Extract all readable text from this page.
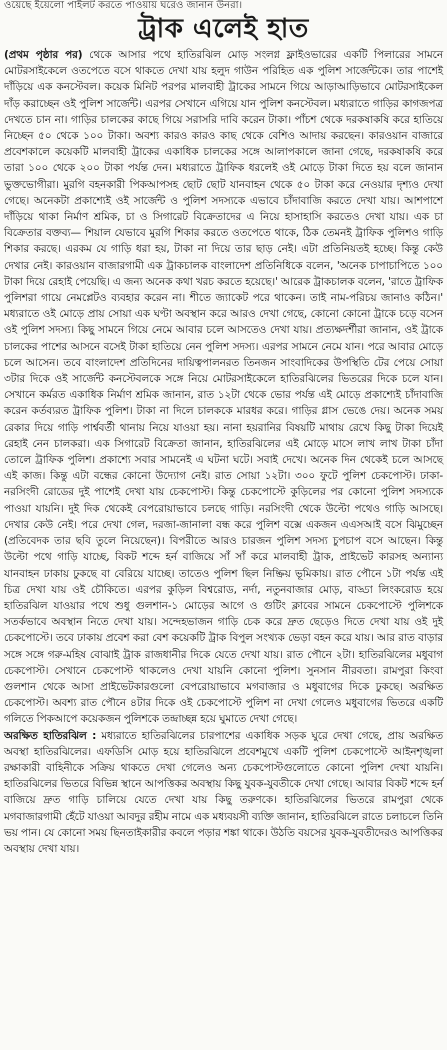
ওয়েছে ইয়েলো পাইলট করতে পাওয়ায় ঘরেও জানান উনরা।
ট্রাক এলেই হাত

(প্রথম পৃষ্ঠার পর) থেকে আসার পথে হাতিরঝিল মোড় সংলগ্ন ফ্লাইওভারের একটি পিলারের সামনে মোটরসাইকেলে ওতপেতে বসে থাকতে দেখা যায় হলুদ গাউন পরিহিত এক পুলিশ সার্জেন্টকে। তার পাশেই দাঁড়িয়ে এক কনস্টেবল। কয়েক মিনিট পরপর মালবাহী ট্রাকের সামনে গিয়ে আড়াআড়িভাবে মোটরসাইকেল দাঁড় করাচ্ছেন ওই পুলিশ সার্জেন্ট। এরপর সেখানে এগিয়ে যান পুলিশ কনস্টেবল। মধ্যরাতে গাড়ির কাগজপত্র দেখতে চান না। গাড়ির চালকের কাছে গিয়ে সরাসরি দাবি করেন টাকা। পাঁচশ থেকে দরকষাকষি করে হাতিয়ে নিচ্ছেন ৫০ থেকে ১০০ টাকা। অবশ্য কারও কারও কাছ থেকে বেশিও আদায় করছেন। কারওয়ান বাজারে প্রবেশকালে কয়েকটি মালবাহী ট্রাকের একাধিক চালকের সঙ্গে আলাপকালে জানা গেছে, দরকষাকষি করে তারা ১০০ থেকে ২০০ টাকা পর্যন্ত দেন। মধ্যরাতে ট্রাফিক ধরলেই ওই মোড়ে টাকা দিতে হয় বলে জানান ভুক্তভোগীরা। মুরগি বহনকারী পিকআপসহ ছোট ছোট যানবাহন থেকে ৫০ টাকা করে নেওয়ার দৃশ্যও দেখা গেছে। অনেকটা প্রকাশ্যেই ওই সার্জেন্ট ও পুলিশ সদস্যকে এভাবে চাঁদাবাজি করতে দেখা যায়। আশপাশে দাঁড়িয়ে থাকা নির্মাণ শ্রমিক, চা ও সিগারেট বিক্রেতাদের এ নিয়ে হাসাহাসি করতেও দেখা যায়। এক চা বিক্রেতার বক্তব্য— শিয়াল যেভাবে মুরগি শিকার করতে ওতপেতে থাকে, ঠিক তেমনই ট্রাফিক পুলিশও গাড়ি শিকার করছে। এরকম যে গাড়ি ধরা হয়, টাকা না দিয়ে তার ছাড় নেই। এটা প্রতিনিয়তই হচ্ছে। কিন্তু কেউ দেখার নেই। কারওয়ান বাজারগামী এক ট্রাকচালক বাংলাদেশ প্রতিনিধিকে বলেন, 'অনেক চাপাচাপিতে ১০০ টাকা দিয়ে রেহাই পেয়েছি। এ জন্য অনেক কথা খরচ করতে হয়েছে।' আরেক ট্রাকচালক বলেন, 'রাতে ট্রাফিক পুলিশরা গায়ে নেমপ্লেটও ব্যবহার করেন না। শীতে জ্যাকেট পরে থাকেন। তাই নাম-পরিচয় জানাও কঠিন।' মধ্যরাতে ওই মোড়ে প্রায় সোয়া এক ঘণ্টা অবস্থান করে আরও দেখা গেছে, কোনো কোনো ট্রাকে চড়ে বসেন ওই পুলিশ সদস্য। কিছু সামনে গিয়ে নেমে আবার চলে আসতেও দেখা যায়। প্রত্যক্ষদর্শীরা জানান, ওই ট্রাকে চালকের পাশের আসনে বসেই টাকা হাতিয়ে নেন পুলিশ সদস্য। এরপর সামনে নেমে যান। পরে আবার মোড়ে চলে আসেন। তবে বাংলাদেশ প্রতিদিনের দায়িত্বপালনরত তিনজন সাংবাদিকের উপস্থিতি টের পেয়ে সোয়া ৩টার দিকে ওই সার্জেন্ট কনস্টেবলকে সঙ্গে নিয়ে মোটরসাইকেলে হাতিরঝিলের ভিতরের দিকে চলে যান। সেখানে কর্মরত একাধিক নির্মাণ শ্রমিক জানান, রাত ১২টা থেকে ভোর পর্যন্ত এই মোড়ে প্রকাশ্যেই চাঁদাবাজি করেন কর্তব্যরত ট্রাফিক পুলিশ। টাকা না দিলে চালককে মারধর করে। গাড়ির গ্লাস ভেঙে দেয়। অনেক সময় রেকার দিয়ে গাড়ি পার্শ্ববর্তী থানায় নিয়ে যাওয়া হয়। নানা হয়রানির বিষয়টি মাথায় রেখে কিছু টাকা দিয়েই রেহাই নেন চালকরা। এক সিগারেট বিক্রেতা জানান, হাতিরঝিলের এই মোড়ে মাসে লাখ লাখ টাকা চাঁদা তোলে ট্রাফিক পুলিশ। প্রকাশ্যে সবার সামনেই এ ঘটনা ঘটে। সবাই দেখে। অনেক দিন থেকেই চলে আসছে এই কাজ। কিন্তু এটা বন্ধের কোনো উদ্যোগ নেই। রাত সোয়া ১২টা। ৩০০ ফুটে পুলিশ চেকপোস্ট। ঢাকা-নরসিংদী রোডের দুই পাশেই দেখা যায় চেকপোস্ট। কিন্তু চেকপোস্টে কুড়িলের পর কোনো পুলিশ সদস্যকে পাওয়া যায়নি। দুই দিক থেকেই বেপরোয়াভাবে চলছে গাড়ি। নরসিংদী থেকে উল্টো পথেও গাড়ি আসছে। দেখার কেউ নেই। পরে দেখা গেল, দরজা-জানালা বন্ধ করে পুলিশ বক্সে একজন এএসআই বসে ঝিমুচ্ছেন (প্রতিবেদক তার ছবি তুলে নিয়েছেন)। বিপরীতে আরও চারজন পুলিশ সদস্য চুপচাপ বসে আছেন। কিন্তু উল্টো পথে গাড়ি যাচ্ছে, বিকট শব্দে হর্ন বাজিয়ে সাঁ সাঁ করে মালবাহী ট্রাক, প্রাইভেট কারসহ অন্যান্য যানবাহন ঢাকায় ঢুকছে বা বেরিয়ে যাচ্ছে। তাতেও পুলিশ ছিল নিষ্ক্রিয় ভূমিকায়। রাত পৌনে ১টা পর্যন্ত এই চিত্র দেখা যায় ওই চৌকিতে। এরপর কুড়িল বিশ্বরোড, নর্দা, নতুনবাজার মোড়, বাড্ডা লিংকরোড হয়ে হাতিরঝিল যাওয়ার পথে শুধু গুলশান-১ মোড়ের আগে ও গুটিং ক্লাবের সামনে চেকপোস্টে পুলিশকে সতর্কভাবে অবস্থান নিতে দেখা যায়। সন্দেহভাজন গাড়ি চেক করে দ্রুত ছেড়েও দিতে দেখা যায় ওই দুই চেকপোস্টে। তবে ঢাকায় প্রবেশ করা বেশ কয়েকটি ট্রাক বিপুল সংখ্যক ভেড়া বহন করে যায়। আর রাত বাড়ার সঙ্গে সঙ্গে গরু-মহিষ বোঝাই ট্রাক রাজধানীর দিকে যেতে দেখা যায়। রাত পৌনে ২টা। হাতিরঝিলের মধুবাগ চেকপোস্ট। সেখানে চেকপোস্ট থাকলেও দেখা যায়নি কোনো পুলিশ। সুনসান নীরবতা। রামপুরা কিংবা গুলশান থেকে আসা প্রাইভেটকারগুলো বেপরোয়াভাবে মগবাজার ও মধুবাগের দিকে ঢুকছে। অরক্ষিত চেকপোস্ট। অবশ্য রাত পৌনে ৪টার দিকে ওই চেকপোস্টে পুলিশ না দেখা গেলেও মধুবাগের ভিতরে একটি গলিতে পিকআপে কয়েকজন পুলিশকে তন্দ্রাচ্ছন্ন হয়ে ঘুমাতে দেখা গেছে।

অরক্ষিত হাতিরঝিল : মধ্যরাতে হাতিরঝিলের চারপাশের একাধিক সড়ক ঘুরে দেখা গেছে, প্রায় অরক্ষিত অবস্থা হাতিরঝিলের। এফডিসি মোড় হয়ে হাতিরঝিলে প্রবেশমুখে একটি পুলিশ চেকপোস্টে আইনশৃঙ্খলা রক্ষাকারী বাহিনীকে সক্রিয় থাকতে দেখা গেলেও অন্য চেকপোস্টগুলোতে কোনো পুলিশ দেখা যায়নি। হাতিরঝিলের ভিতরে বিভিন্ন স্থানে আপত্তিকর অবস্থায় কিছু যুবক-যুবতীকে দেখা গেছে। আবার বিকট শব্দে হর্ন বাজিয়ে দ্রুত গাড়ি চালিয়ে যেতে দেখা যায় কিছু তরুণকে। হাতিরঝিলের ভিতরে রামপুরা থেকে মগবাজারগামী হেঁটে যাওয়া আবদুর রহীম নামে এক মধ্যবয়সী ব্যক্তি জানান, হাতিরঝিলে রাতে চলাচলে তিনি ভয় পান। যে কোনো সময় ছিনতাইকারীর কবলে পড়ার শঙ্কা থাকে। উঠতি বয়সের যুবক-যুবতীদেরও আপত্তিকর অবস্থায় দেখা যায়।
